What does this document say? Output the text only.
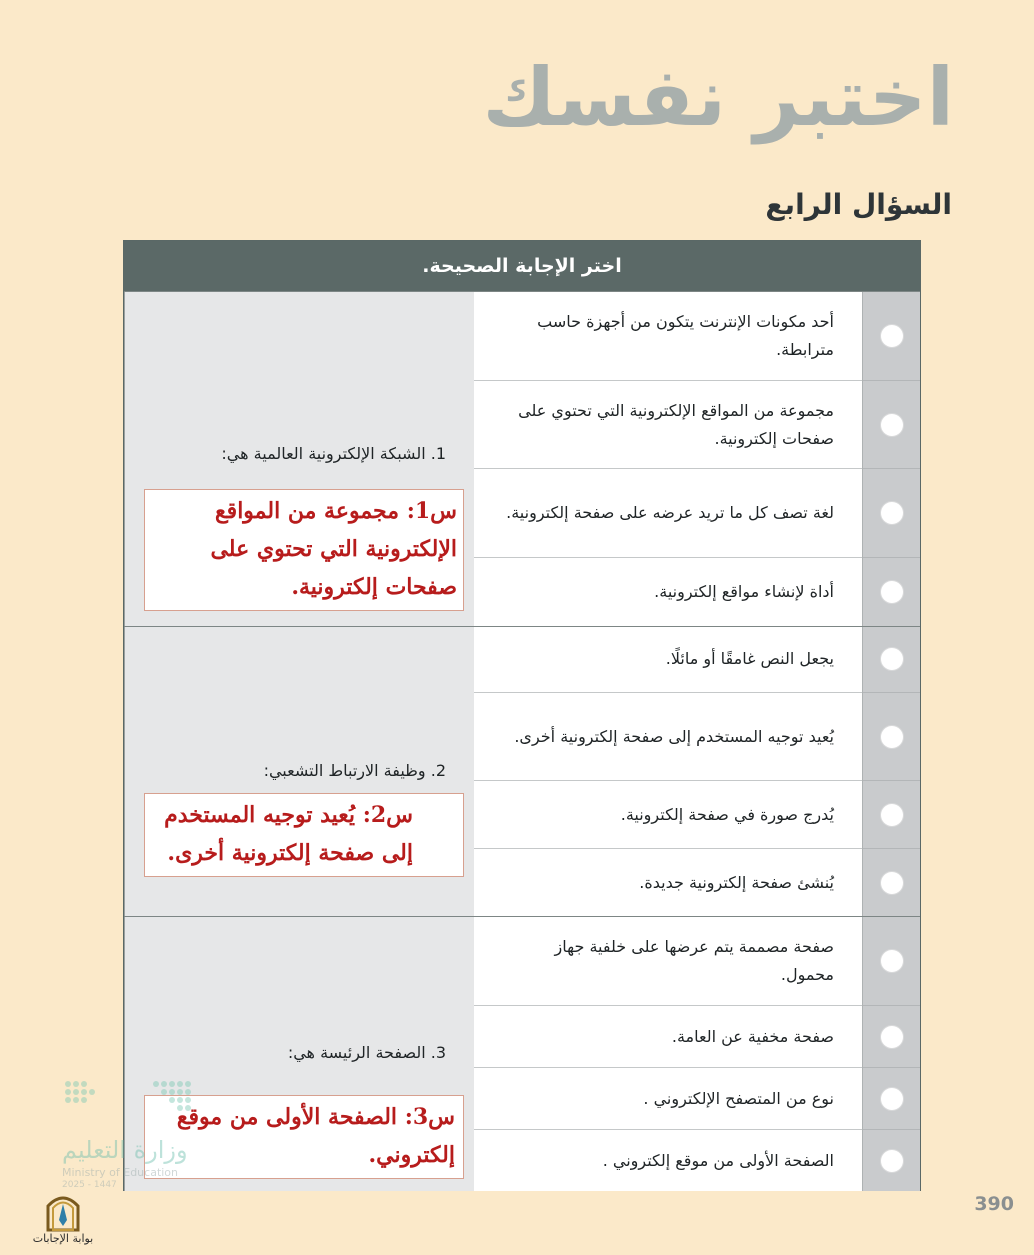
اختبر نفسك
السؤال الرابع
اختر الإجابة الصحيحة.
أحد مكونات الإنترنت يتكون من أجهزة حاسب مترابطة.
مجموعة من المواقع الإلكترونية التي تحتوي على صفحات إلكترونية.
لغة تصف كل ما تريد عرضه على صفحة إلكترونية.
أداة لإنشاء مواقع إلكترونية.
1. الشبكة الإلكترونية العالمية هي:
س1: مجموعة من المواقع الإلكترونية التي تحتوي على صفحات إلكترونية.
يجعل النص غامقًا أو مائلًا.
يُعيد توجيه المستخدم إلى صفحة إلكترونية أخرى.
يُدرج صورة في صفحة إلكترونية.
يُنشئ صفحة إلكترونية جديدة.
2. وظيفة الارتباط التشعبي:
س2: يُعيد توجيه المستخدم إلى صفحة إلكترونية أخرى.
صفحة مصممة يتم عرضها على خلفية جهاز محمول.
صفحة مخفية عن العامة.
نوع من المتصفح الإلكتروني .
الصفحة الأولى من موقع إلكتروني .
3. الصفحة الرئيسة هي:
س3: الصفحة الأولى من موقع إلكتروني.
390
وزارة التعليم
Ministry of Education
2025 - 1447
بوابة الإجابات
